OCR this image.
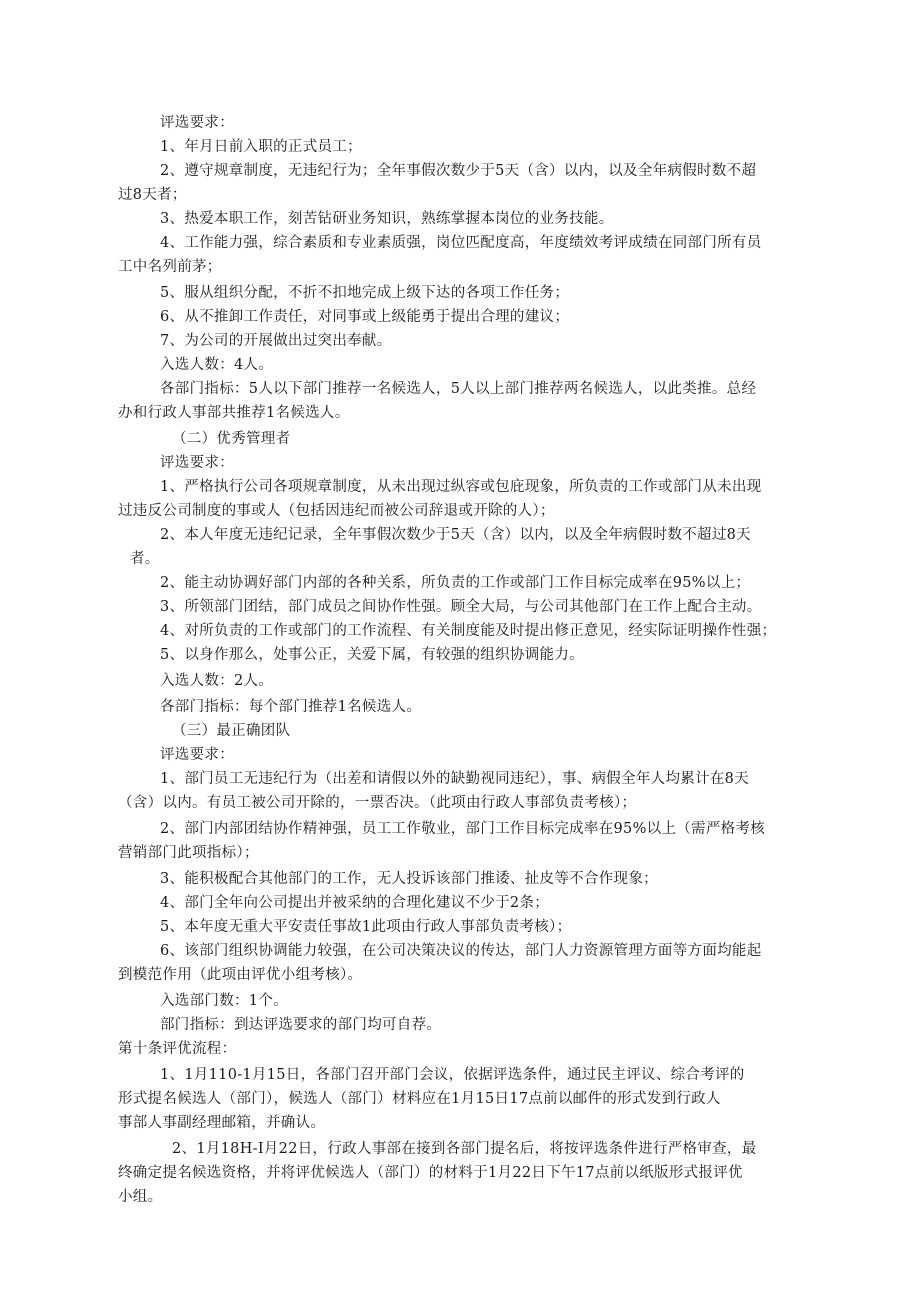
评选要求：
1、年月日前入职的正式员工；
2、遵守规章制度，无违纪行为；全年事假次数少于5天（含）以内，以及全年病假时数不超
过8天者；
3、热爱本职工作，刻苦钻研业务知识，熟练掌握本岗位的业务技能。
4、工作能力强，综合素质和专业素质强，岗位匹配度高，年度绩效考评成绩在同部门所有员
工中名列前茅；
5、服从组织分配，不折不扣地完成上级下达的各项工作任务；
6、从不推卸工作责任，对同事或上级能勇于提出合理的建议；
7、为公司的开展做出过突出奉献。
入选人数：4人。
各部门指标：5人以下部门推荐一名候选人，5人以上部门推荐两名候选人，以此类推。总经
办和行政人事部共推荐1名候选人。
（二）优秀管理者
评选要求：
1、严格执行公司各项规章制度，从未出现过纵容或包庇现象，所负责的工作或部门从未出现
过违反公司制度的事或人（包括因违纪而被公司辞退或开除的人）；
2、本人年度无违纪记录，全年事假次数少于5天（含）以内，以及全年病假时数不超过8天
者。
2、能主动协调好部门内部的各种关系，所负责的工作或部门工作目标完成率在95%以上；
3、所领部门团结，部门成员之间协作性强。顾全大局，与公司其他部门在工作上配合主动。
4、对所负责的工作或部门的工作流程、有关制度能及时提出修正意见，经实际证明操作性强；
5、以身作那么，处事公正，关爱下属，有较强的组织协调能力。
入选人数：2人。
各部门指标：每个部门推荐1名候选人。
（三）最正确团队
评选要求：
1、部门员工无违纪行为（出差和请假以外的缺勤视同违纪），事、病假全年人均累计在8天
（含）以内。有员工被公司开除的，一票否决。（此项由行政人事部负责考核）；
2、部门内部团结协作精神强，员工工作敬业，部门工作目标完成率在95%以上（需严格考核
营销部门此项指标）；
3、能积极配合其他部门的工作，无人投诉该部门推诿、扯皮等不合作现象；
4、部门全年向公司提出并被采纳的合理化建议不少于2条；
5、本年度无重大平安责任事故1此项由行政人事部负责考核）；
6、该部门组织协调能力较强，在公司决策决议的传达，部门人力资源管理方面等方面均能起
到模范作用（此项由评优小组考核）。
入选部门数：1个。
部门指标：到达评选要求的部门均可自荐。
第十条评优流程：
1、1月110-1月15日，各部门召开部门会议，依据评选条件，通过民主评议、综合考评的
形式提名候选人（部门），候选人（部门）材料应在1月15日17点前以邮件的形式发到行政人
事部人事副经理邮箱，并确认。
2、1月18H-I月22日，行政人事部在接到各部门提名后，将按评选条件进行严格审查，最
终确定提名候选资格，并将评优候选人（部门）的材料于1月22日下午17点前以纸版形式报评优
小组。
